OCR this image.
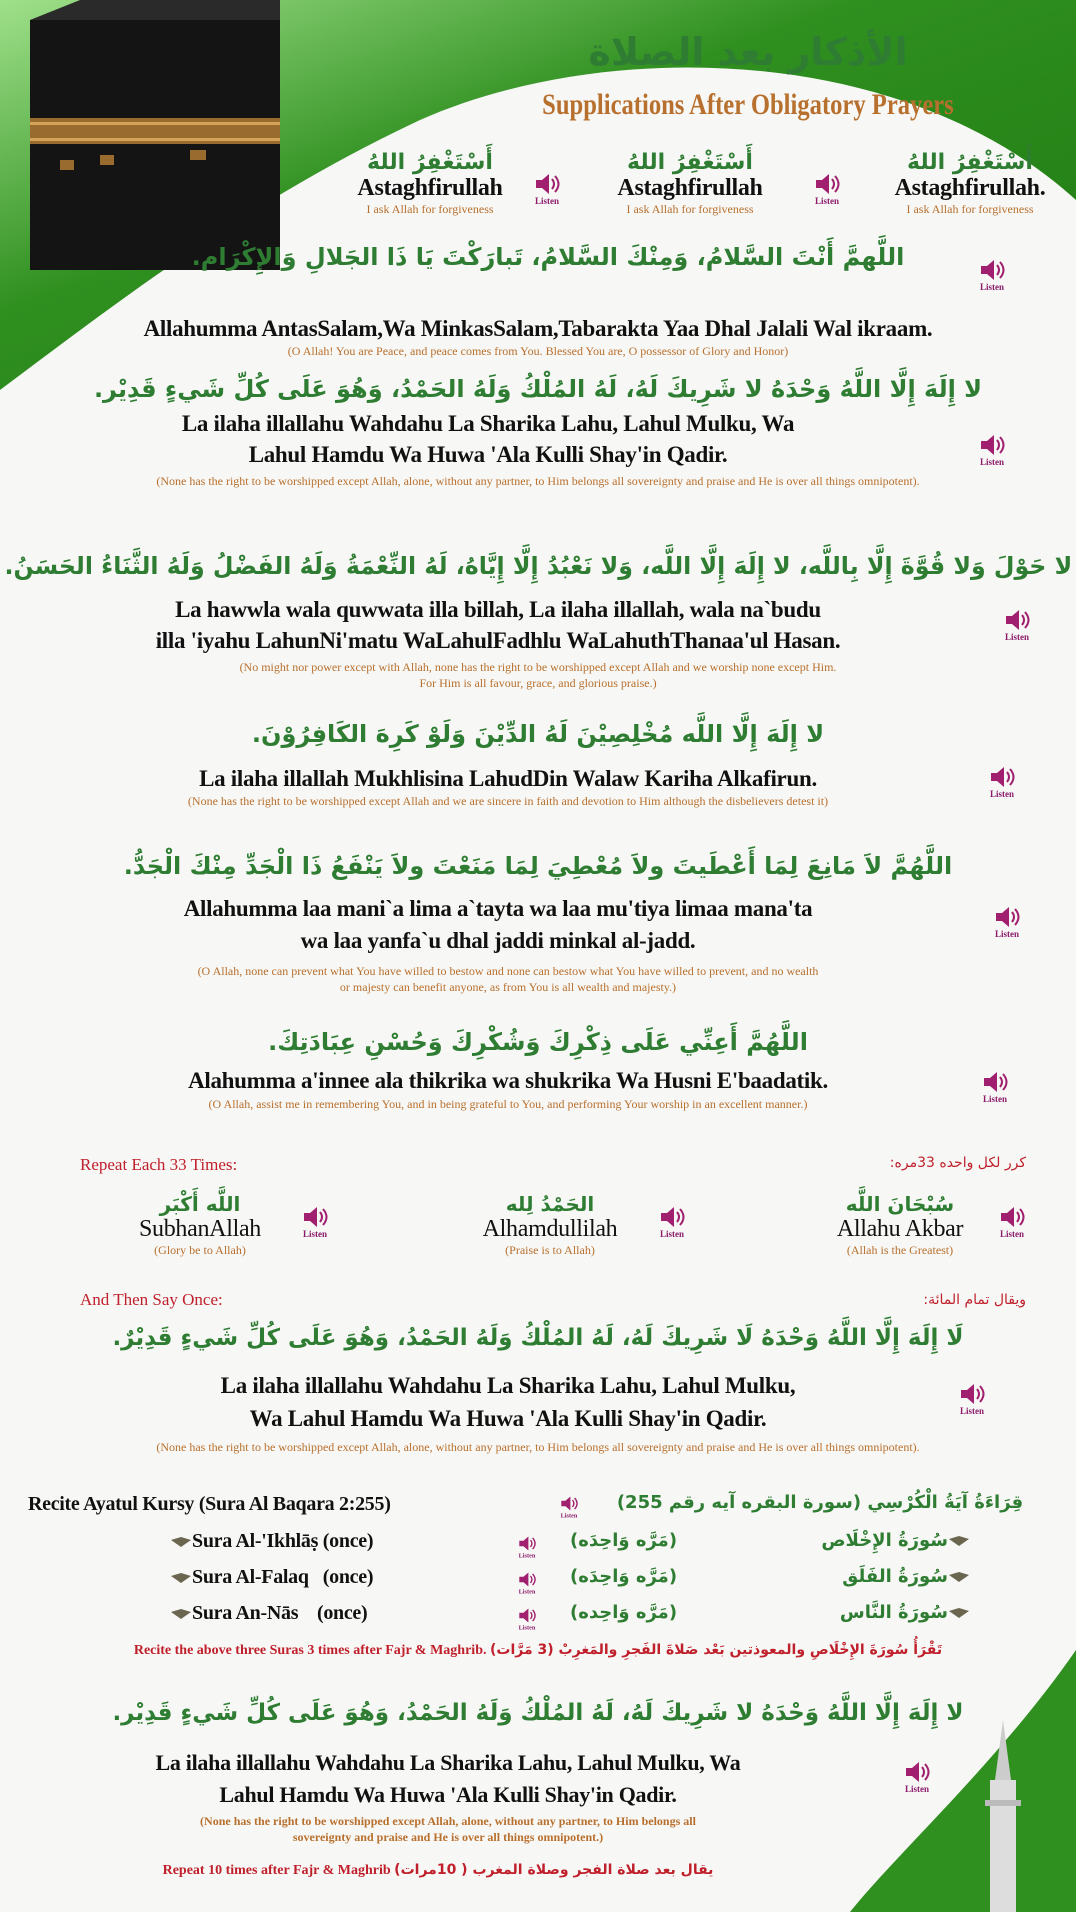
الأذكار بعد الصلاة
Supplications After Obligatory Prayers
أَسْتَغْفِرُ اللهُ
Astaghfirullah
I ask Allah for forgiveness
Listen
أَسْتَغْفِرُ اللهُ
Astaghfirullah
I ask Allah for forgiveness
Listen
أَسْتَغْفِرُ اللهُ
Astaghfirullah.
I ask Allah for forgiveness
اللَّهمَّ أَنْتَ السَّلامُ، وَمِنْكَ السَّلامُ، تَبارَكْتَ يَا ذَا الجَلالِ وَالإِكْرَام.
Listen
Allahumma AntasSalam,Wa MinkasSalam,Tabarakta Yaa Dhal Jalali Wal ikraam.
(O Allah! You are Peace, and peace comes from You. Blessed You are, O possessor of Glory and Honor)
لا إِلَهَ إِلَّا اللَّهُ وَحْدَهُ لا شَرِيكَ لَهُ، لَهُ المُلْكُ وَلَهُ الحَمْدُ، وَهُوَ عَلَى كُلِّ شَيءٍ قَدِيْر.
La ilaha illallahu Wahdahu La Sharika Lahu, Lahul Mulku, Wa
Lahul Hamdu Wa Huwa 'Ala Kulli Shay'in Qadir.	Listen
(None has the right to be worshipped except Allah, alone, without any partner, to Him belongs all sovereignty and praise and He is over all things omnipotent).
لا حَوْلَ وَلا قُوَّةَ إِلَّا بِاللَّه، لا إِلَهَ إِلَّا اللَّه، وَلا نَعْبُدُ إِلَّا إِيَّاهُ، لَهُ النِّعْمَةُ وَلَهُ الفَضْلُ وَلَهُ الثَّنَاءُ الحَسَنُ.
La hawwla wala quwwata illa billah, La ilaha illallah, wala na`budu
illa 'iyahu LahunNi'matu WaLahulFadhlu WaLahuthThanaa'ul Hasan.	Listen
(No might nor power except with Allah, none has the right to be worshipped except Allah and we worship none except Him.
For Him is all favour, grace, and glorious praise.)
لا إِلَهَ إِلَّا اللَّه مُخْلِصِيْنَ لَهُ الدِّيْنَ وَلَوْ كَرِهَ الكَافِرُوْنَ.
La ilaha illallah Mukhlisina LahudDin Walaw Kariha Alkafirun.
Listen
(None has the right to be worshipped except Allah and we are sincere in faith and devotion to Him although the disbelievers detest it)
اللَّهُمَّ لاَ مَانِعَ لِمَا أَعْطَيتَ ولاَ مُعْطِيَ لِمَا مَنَعْتَ ولاَ يَنْفَعُ ذَا الْجَدِّ مِنْكَ الْجَدُّ.
Allahumma laa mani`a lima a`tayta wa laa mu'tiya limaa mana'ta
wa laa yanfa`u dhal jaddi minkal al-jadd.	Listen
(O Allah, none can prevent what You have willed to bestow and none can bestow what You have willed to prevent, and no wealth
or majesty can benefit anyone, as from You is all wealth and majesty.)
اللَّهُمَّ أَعِنِّي عَلَى ذِكْرِكَ وَشُكْرِكَ وَحُسْنِ عِبَادَتِكَ.
Alahumma a'innee ala thikrika wa shukrika Wa Husni E'baadatik.
Listen
(O Allah, assist me in remembering You, and in being grateful to You, and performing Your worship in an excellent manner.)
Repeat Each 33 Times:	كرر لكل واحده 33مره:
اللَّه أَكْبَر
SubhanAllah
(Glory be to Allah)
Listen
الحَمْدُ لِله
Alhamdullilah
(Praise is to Allah)
Listen
سُبْحَانَ اللَّه
Allahu Akbar
(Allah is the Greatest)
Listen
And Then Say Once:	ويقال تمام المائة:
لَا إِلَهَ إِلَّا اللَّهُ وَحْدَهُ لَا شَرِيكَ لَهُ، لَهُ المُلْكُ وَلَهُ الحَمْدُ، وَهُوَ عَلَى كُلِّ شَيءٍ قَدِيْرٌ.
La ilaha illallahu Wahdahu La Sharika Lahu, Lahul Mulku,
Wa Lahul Hamdu Wa Huwa 'Ala Kulli Shay'in Qadir.	Listen
(None has the right to be worshipped except Allah, alone, without any partner, to Him belongs all sovereignty and praise and He is over all things omnipotent).
Recite Ayatul Kursy (Sura Al Baqara 2:255)
Listen
قِرَاءَةُ آيَةُ الْكُرْسِي (سورة البقره آيه رقم 255)
Sura Al-'Ikhlāṣ (once)
Listen
(مَرَّه وَاحِدَه)	سُورَةُ الإِخْلَاص
Sura Al-Falaq   (once)
Listen
(مَرَّه وَاحِدَه)	سُورَةُ الفَلَق
Sura An-Nās    (once)
Listen
(مَرَّه وَاحِده)	سُورَةُ النَّاس
Recite the above three Suras 3 times after Fajr & Maghrib. تَقْرَأُ سُورَةَ الإِخْلَاصِ والمعوذتين بَعْد صَلاةَ الفَجرِ والمَغرِبْ (3 مَرَّات)
لا إِلَهَ إِلَّا اللَّهُ وَحْدَهُ لا شَرِيكَ لَهُ، لَهُ المُلْكُ وَلَهُ الحَمْدُ، وَهُوَ عَلَى كُلِّ شَيءٍ قَدِيْر.
La ilaha illallahu Wahdahu La Sharika Lahu, Lahul Mulku, Wa
Lahul Hamdu Wa Huwa 'Ala Kulli Shay'in Qadir.	Listen
(None has the right to be worshipped except Allah, alone, without any partner, to Him belongs all
sovereignty and praise and He is over all things omnipotent.)
Repeat 10 times after Fajr & Maghrib يقال بعد صلاة الفجر وصلاة المغرب ( 10مرات)
